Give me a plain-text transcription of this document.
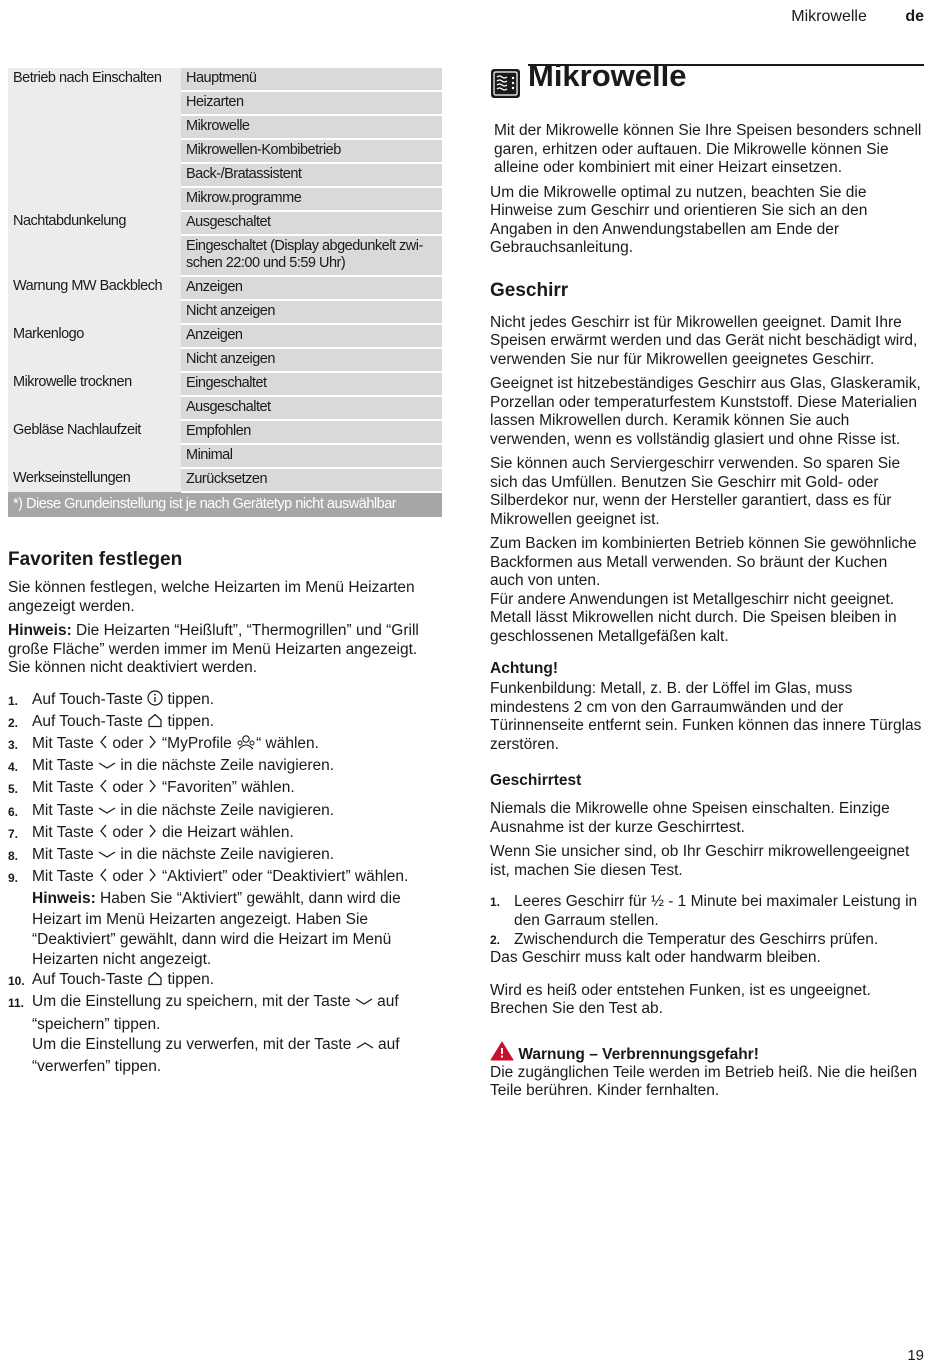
Mikrowelle de
Betrieb nach Einschalten	Hauptmenü
	Heizarten
	Mikrowelle
	Mikrowellen-Kombibetrieb
	Back-/Bratassistent
	Mikrow.programme
Nachtabdunkelung	Ausgeschaltet
	Eingeschaltet (Display abgedunkelt zwi-schen 22:00 und 5:59 Uhr)
Warnung MW Backblech	Anzeigen
	Nicht anzeigen
Markenlogo	Anzeigen
	Nicht anzeigen
Mikrowelle trocknen	Eingeschaltet
	Ausgeschaltet
Gebläse Nachlaufzeit	Empfohlen
	Minimal
Werkseinstellungen	Zurücksetzen
*) Diese Grundeinstellung ist je nach Gerätetyp nicht auswählbar	
Favoriten festlegen

Sie können festlegen, welche Heizarten im Menü Heizarten angezeigt werden.

Hinweis: Die Heizarten “Heißluft”, “Thermogrillen” und “Grill große Fläche” werden immer im Menü Heizarten angezeigt. Sie können nicht deaktiviert werden.

1. Auf Touch-Taste  tippen.
2. Auf Touch-Taste  tippen.
3. Mit Taste  oder  “MyProfile “ wählen.
4. Mit Taste  in die nächste Zeile navigieren.
5. Mit Taste  oder  “Favoriten” wählen.
6. Mit Taste  in die nächste Zeile navigieren.
7. Mit Taste  oder  die Heizart wählen.
8. Mit Taste  in die nächste Zeile navigieren.
9. Mit Taste  oder  “Aktiviert” oder “Deaktiviert” wählen.
Hinweis: Haben Sie “Aktiviert” gewählt, dann wird die Heizart im Menü Heizarten angezeigt. Haben Sie “Deaktiviert” gewählt, dann wird die Heizart im Menü Heizarten nicht angezeigt.
10. Auf Touch-Taste  tippen.
11. Um die Einstellung zu speichern, mit der Taste  auf “speichern” tippen.
Um die Einstellung zu verwerfen, mit der Taste  auf “verwerfen” tippen.
Mikrowelle

Mit der Mikrowelle können Sie Ihre Speisen besonders schnell garen, erhitzen oder auftauen. Die Mikrowelle können Sie alleine oder kombiniert mit einer Heizart einsetzen.

Um die Mikrowelle optimal zu nutzen, beachten Sie die Hinweise zum Geschirr und orientieren Sie sich an den Angaben in den Anwendungstabellen am Ende der Gebrauchsanleitung.

Geschirr

Nicht jedes Geschirr ist für Mikrowellen geeignet. Damit Ihre Speisen erwärmt werden und das Gerät nicht beschädigt wird, verwenden Sie nur für Mikrowellen geeignetes Geschirr.

Geeignet ist hitzebeständiges Geschirr aus Glas, Glaskeramik, Porzellan oder temperaturfestem Kunststoff. Diese Materialien lassen Mikrowellen durch. Keramik können Sie auch verwenden, wenn es vollständig glasiert und ohne Risse ist.

Sie können auch Serviergeschirr verwenden. So sparen Sie sich das Umfüllen. Benutzen Sie Geschirr mit Gold- oder Silberdekor nur, wenn der Hersteller garantiert, dass es für Mikrowellen geeignet ist.

Zum Backen im kombinierten Betrieb können Sie gewöhnliche Backformen aus Metall verwenden. So bräunt der Kuchen auch von unten.

Für andere Anwendungen ist Metallgeschirr nicht geeignet. Metall lässt Mikrowellen nicht durch. Die Speisen bleiben in geschlossenen Metallgefäßen kalt.

Achtung!

Funkenbildung: Metall, z. B. der Löffel im Glas, muss mindestens 2 cm von den Garraumwänden und der Türinnenseite entfernt sein. Funken können das innere Türglas zerstören.

Geschirrtest

Niemals die Mikrowelle ohne Speisen einschalten. Einzige Ausnahme ist der kurze Geschirrtest.

Wenn Sie unsicher sind, ob Ihr Geschirr mikrowellengeeignet ist, machen Sie diesen Test.

1. Leeres Geschirr für ½ - 1 Minute bei maximaler Leistung in den Garraum stellen.
2. Zwischendurch die Temperatur des Geschirrs prüfen.

Das Geschirr muss kalt oder handwarm bleiben.

Wird es heiß oder entstehen Funken, ist es ungeeignet. Brechen Sie den Test ab.

Warnung – Verbrennungsgefahr!

Die zugänglichen Teile werden im Betrieb heiß. Nie die heißen Teile berühren. Kinder fernhalten.

19
